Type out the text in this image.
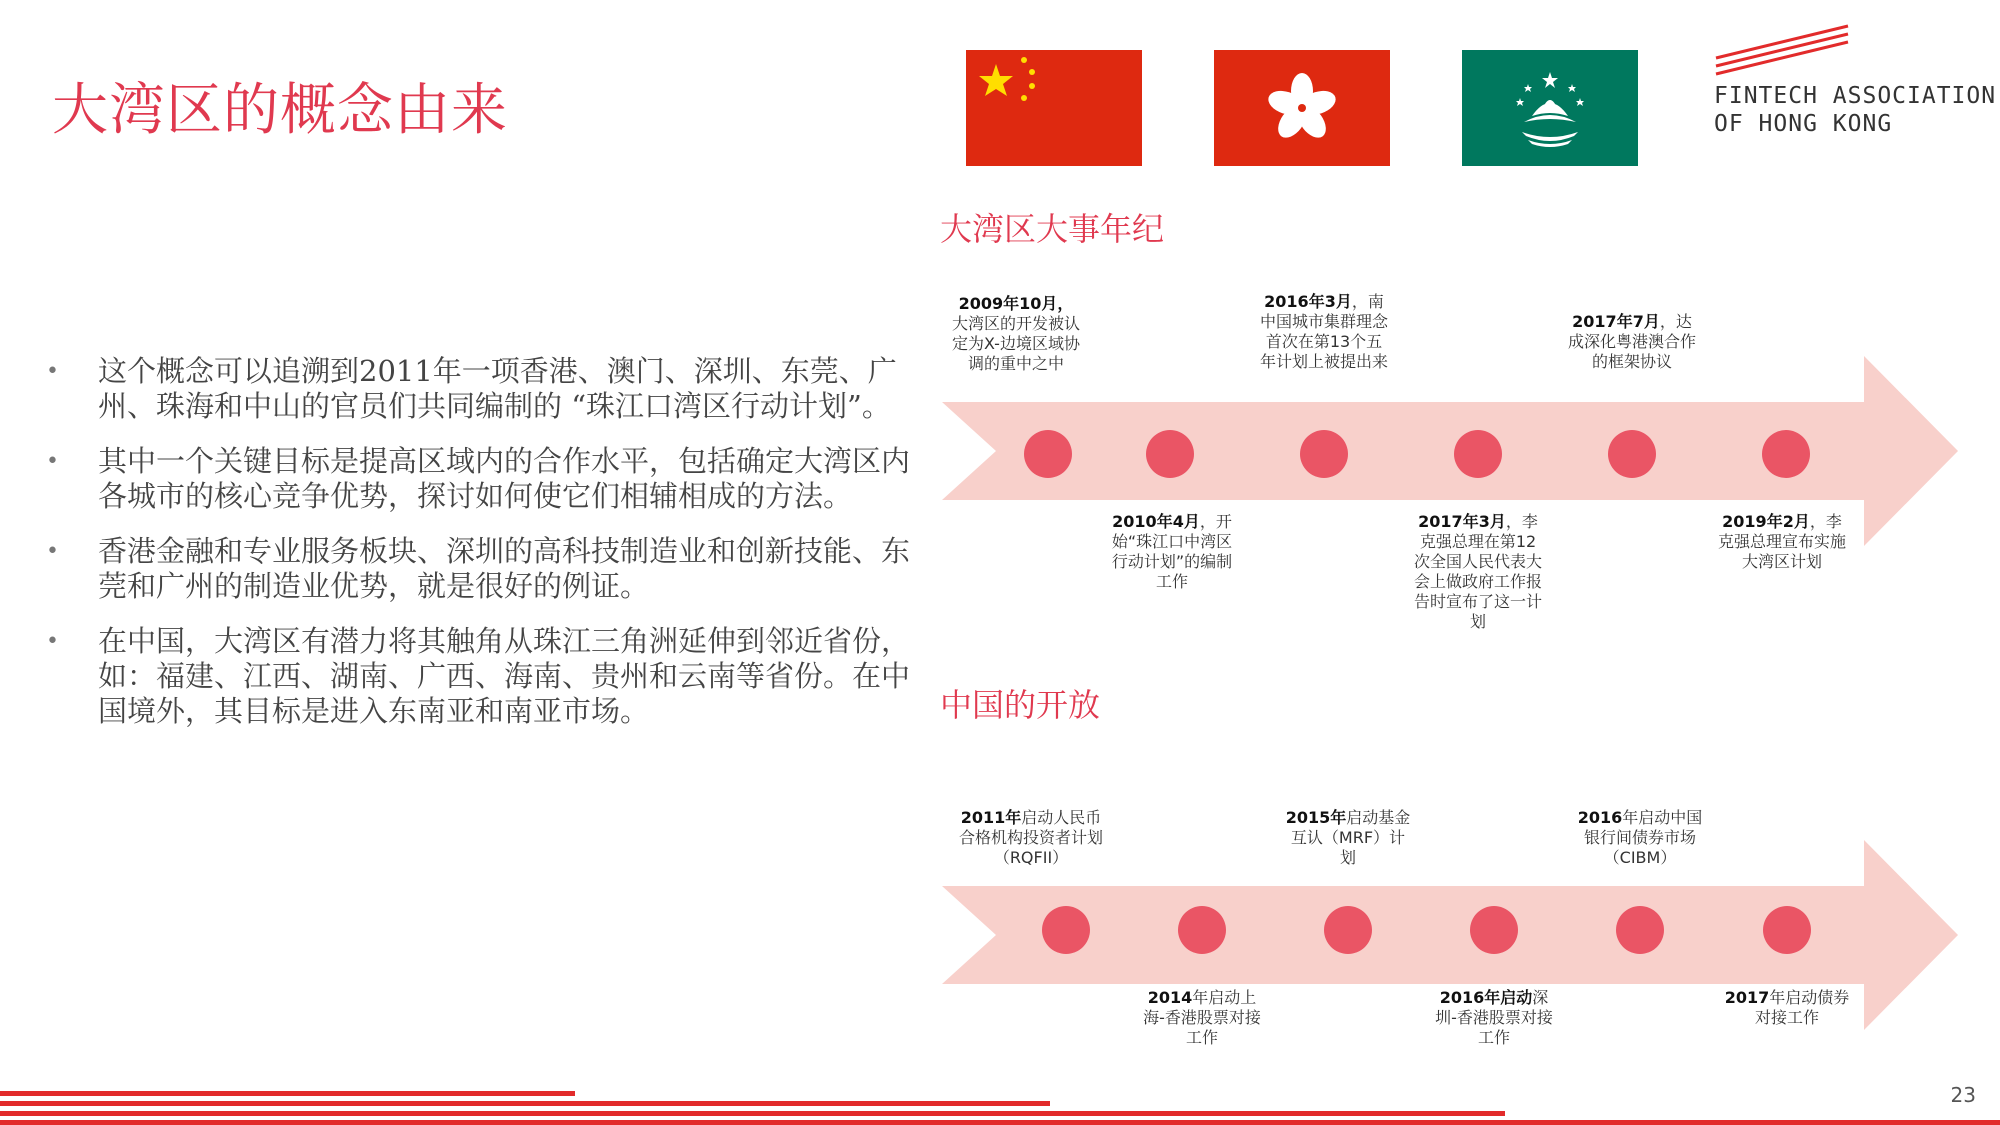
大湾区的概念由来	FINTECH ASSOCIATION
OF HONG KONG
• 这个概念可以追溯到2011年一项香港、澳门、深圳、东莞、广州、珠海和中山的官员们共同编制的 “珠江口湾区行动计划”。
• 其中一个关键目标是提高区域内的合作水平，包括确定大湾区内各城市的核心竞争优势，探讨如何使它们相辅相成的方法。
• 香港金融和专业服务板块、深圳的高科技制造业和创新技能、东莞和广州的制造业优势，就是很好的例证。
• 在中国，大湾区有潜力将其触角从珠江三角洲延伸到邻近省份，如：福建、江西、湖南、广西、海南、贵州和云南等省份。在中国境外，其目标是进入东南亚和南亚市场。
大湾区大事年纪
2009年10月，大湾区的开发被认定为X-边境区域协调的重中之中
2010年4月，开始“珠江口中湾区行动计划”的编制工作
2016年3月，南中国城市集群理念首次在第13个五年计划上被提出来
2017年3月，李克强总理在第12次全国人民代表大会上做政府工作报告时宣布了这一计划
2017年7月，达成深化粤港澳合作的框架协议
2019年2月，李克强总理宣布实施大湾区计划
中国的开放
2011年启动人民币合格机构投资者计划（RQFII）
2014年启动上海-香港股票对接工作
2015年启动基金互认（MRF）计划
2016年启动深圳-香港股票对接工作
2016年启动中国银行间债券市场（CIBM）
2017年启动债券对接工作
23
